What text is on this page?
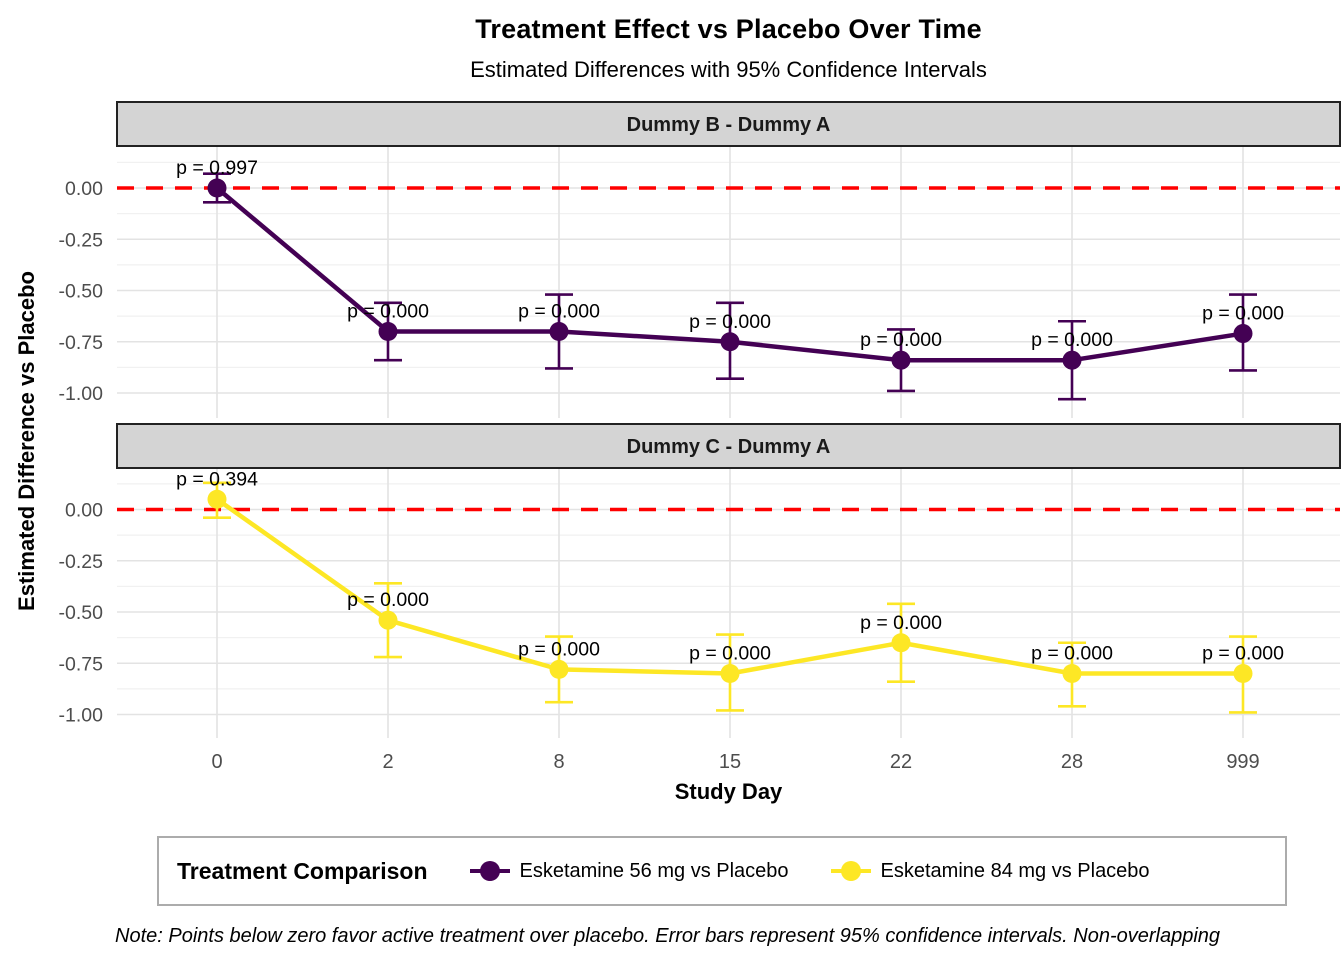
Treatment Effect vs Placebo Over Time
Estimated Differences with 95% Confidence Intervals
Dummy B - Dummy A
p = 0.997
p = 0.000	p = 0.000	p = 0.000
p = 0.000	p = 0.000
p = 0.000
0.00
-0.25
-0.50
-0.75
-1.00
Dummy C - Dummy A
p = 0.394
p = 0.000
p = 0.000	p = 0.000
p = 0.000
p = 0.000	p = 0.000
0.00
-0.25
-0.50
-0.75
-1.00
0	2	8	15	22	28	999
Estimated Difference vs Placebo
Study Day
Treatment Comparison	Esketamine 56 mg vs Placebo	Esketamine 84 mg vs Placebo
Note: Points below zero favor active treatment over placebo. Error bars represent 95% confidence intervals. Non-overlapping
